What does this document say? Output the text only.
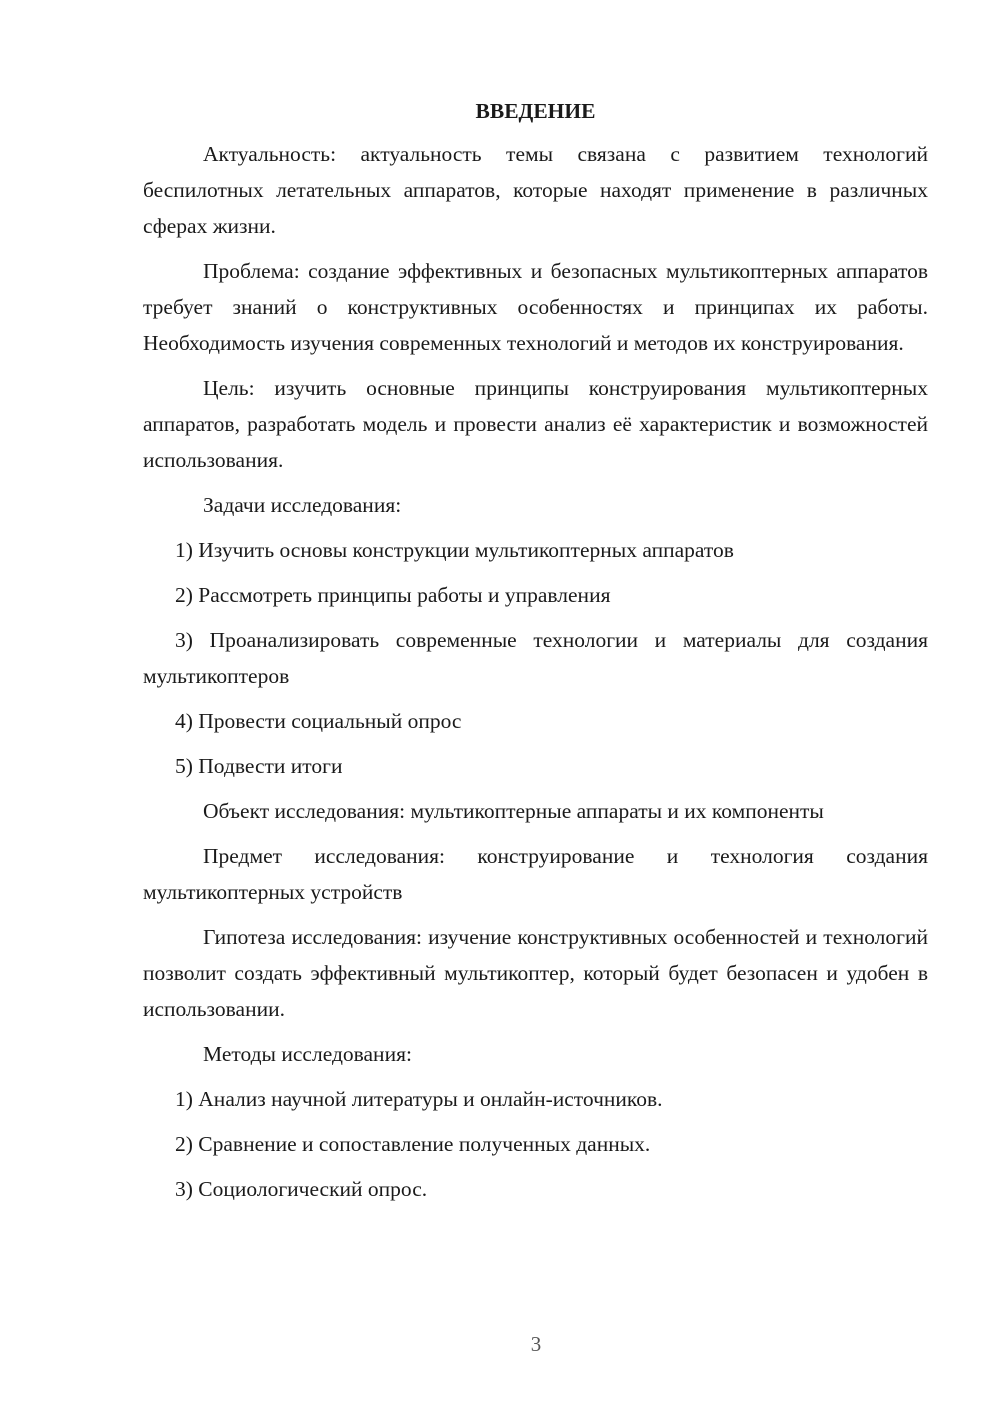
ВВЕДЕНИЕ

Актуальность: актуальность темы связана с развитием технологий беспилотных летательных аппаратов, которые находят применение в различных сферах жизни.

Проблема: создание эффективных и безопасных мультикоптерных аппаратов требует знаний о конструктивных особенностях и принципах их работы. Необходимость изучения современных технологий и методов их конструирования.

Цель: изучить основные принципы конструирования мультикоптерных аппаратов, разработать модель и провести анализ её характеристик и возможностей использования.

Задачи исследования:

1) Изучить основы конструкции мультикоптерных аппаратов

2) Рассмотреть принципы работы и управления

3) Проанализировать современные технологии и материалы для создания мультикоптеров

4) Провести социальный опрос

5) Подвести итоги

Объект исследования: мультикоптерные аппараты и их компоненты

Предмет исследования: конструирование и технология создания мультикоптерных устройств

Гипотеза исследования: изучение конструктивных особенностей и технологий позволит создать эффективный мультикоптер, который будет безопасен и удобен в использовании.

Методы исследования:

1) Анализ научной литературы и онлайн-источников.

2) Сравнение и сопоставление полученных данных.

3) Социологический опрос.

3
